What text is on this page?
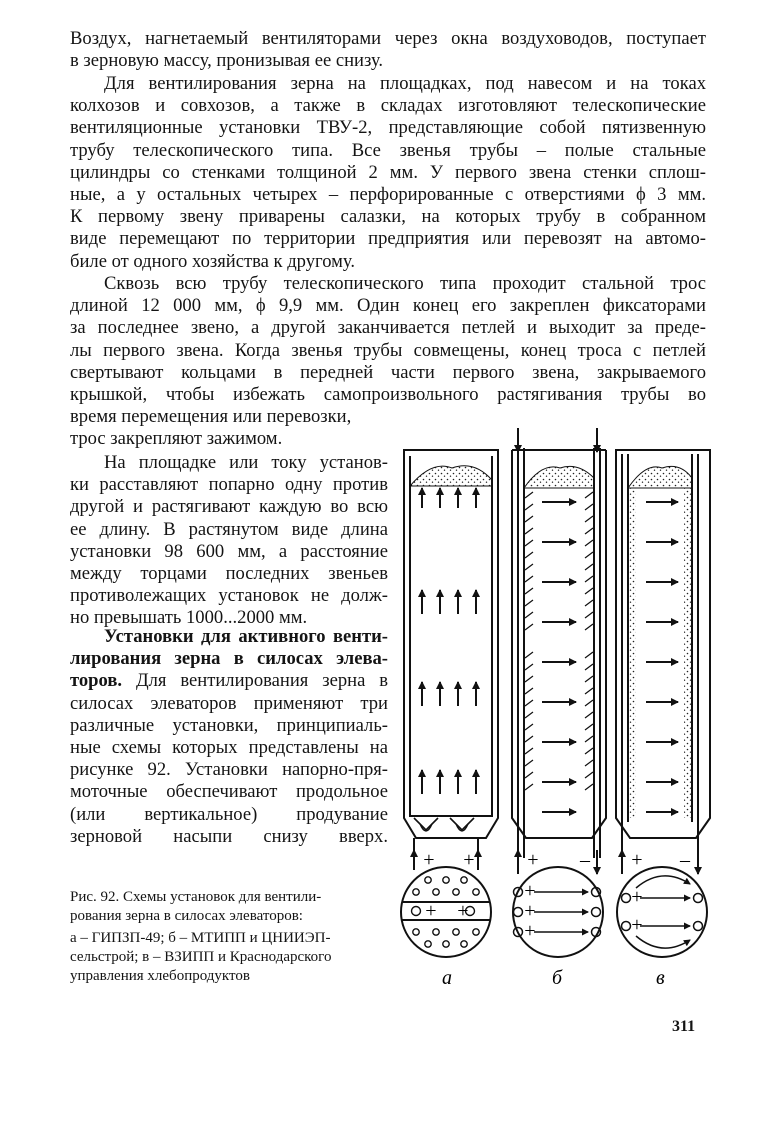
Воздух, нагнетаемый вентиляторами через окна воздуховодов, поступает
в зерновую массу, пронизывая ее снизу.
Для вентилирования зерна на площадках, под навесом и на токах
колхозов и совхозов, а также в складах изготовляют телескопические
вентиляционные установки ТВУ-2, представляющие собой пятизвенную
трубу телескопического типа. Все звенья трубы – полые стальные
цилиндры со стенками толщиной 2 мм. У первого звена стенки сплош-
ные, а у остальных четырех – перфорированные с отверстиями ϕ 3 мм.
К первому звену приварены салазки, на которых трубу в собранном
виде перемещают по территории предприятия или перевозят на автомо-
биле от одного хозяйства к другому.
Сквозь всю трубу телескопического типа проходит стальной трос
длиной 12 000 мм, ϕ 9,9 мм. Один конец его закреплен фиксаторами
за последнее звено, а другой заканчивается петлей и выходит за преде-
лы первого звена. Когда звенья трубы совмещены, конец троса с петлей
свертывают кольцами в передней части первого звена, закрываемого
крышкой, чтобы избежать самопроизвольного растягивания трубы во
время перемещения или перевозки,
трос закрепляют зажимом.
На площадке или току установ-
ки расставляют попарно одну против
другой и растягивают каждую во всю
ее длину. В растянутом виде длина
установки 98 600 мм, а расстояние
между торцами последних звеньев
противолежащих установок не долж-
но превышать 1000...2000 мм.
Установки для активного венти-
лирования зерна в силосах элева-
торов. Для вентилирования зерна в
силосах элеваторов применяют три
различные установки, принципиаль-
ные схемы которых представлены на
рисунке 92. Установки напорно-пря-
моточные обеспечивают продольное
(или вертикальное) продувание
зерновой насыпи снизу вверх.
Рис. 92. Схемы установок для вентили-
рования зерна в силосах элеваторов:
а – ГИПЗП-49; б – МТИПП и ЦНИИЭП-
сельстрой; в – ВЗИПП и Краснодарского
управления хлебопродуктов
+ +
+ +
а
+ –
+
+
+
б
+ –
+
+
в
311
